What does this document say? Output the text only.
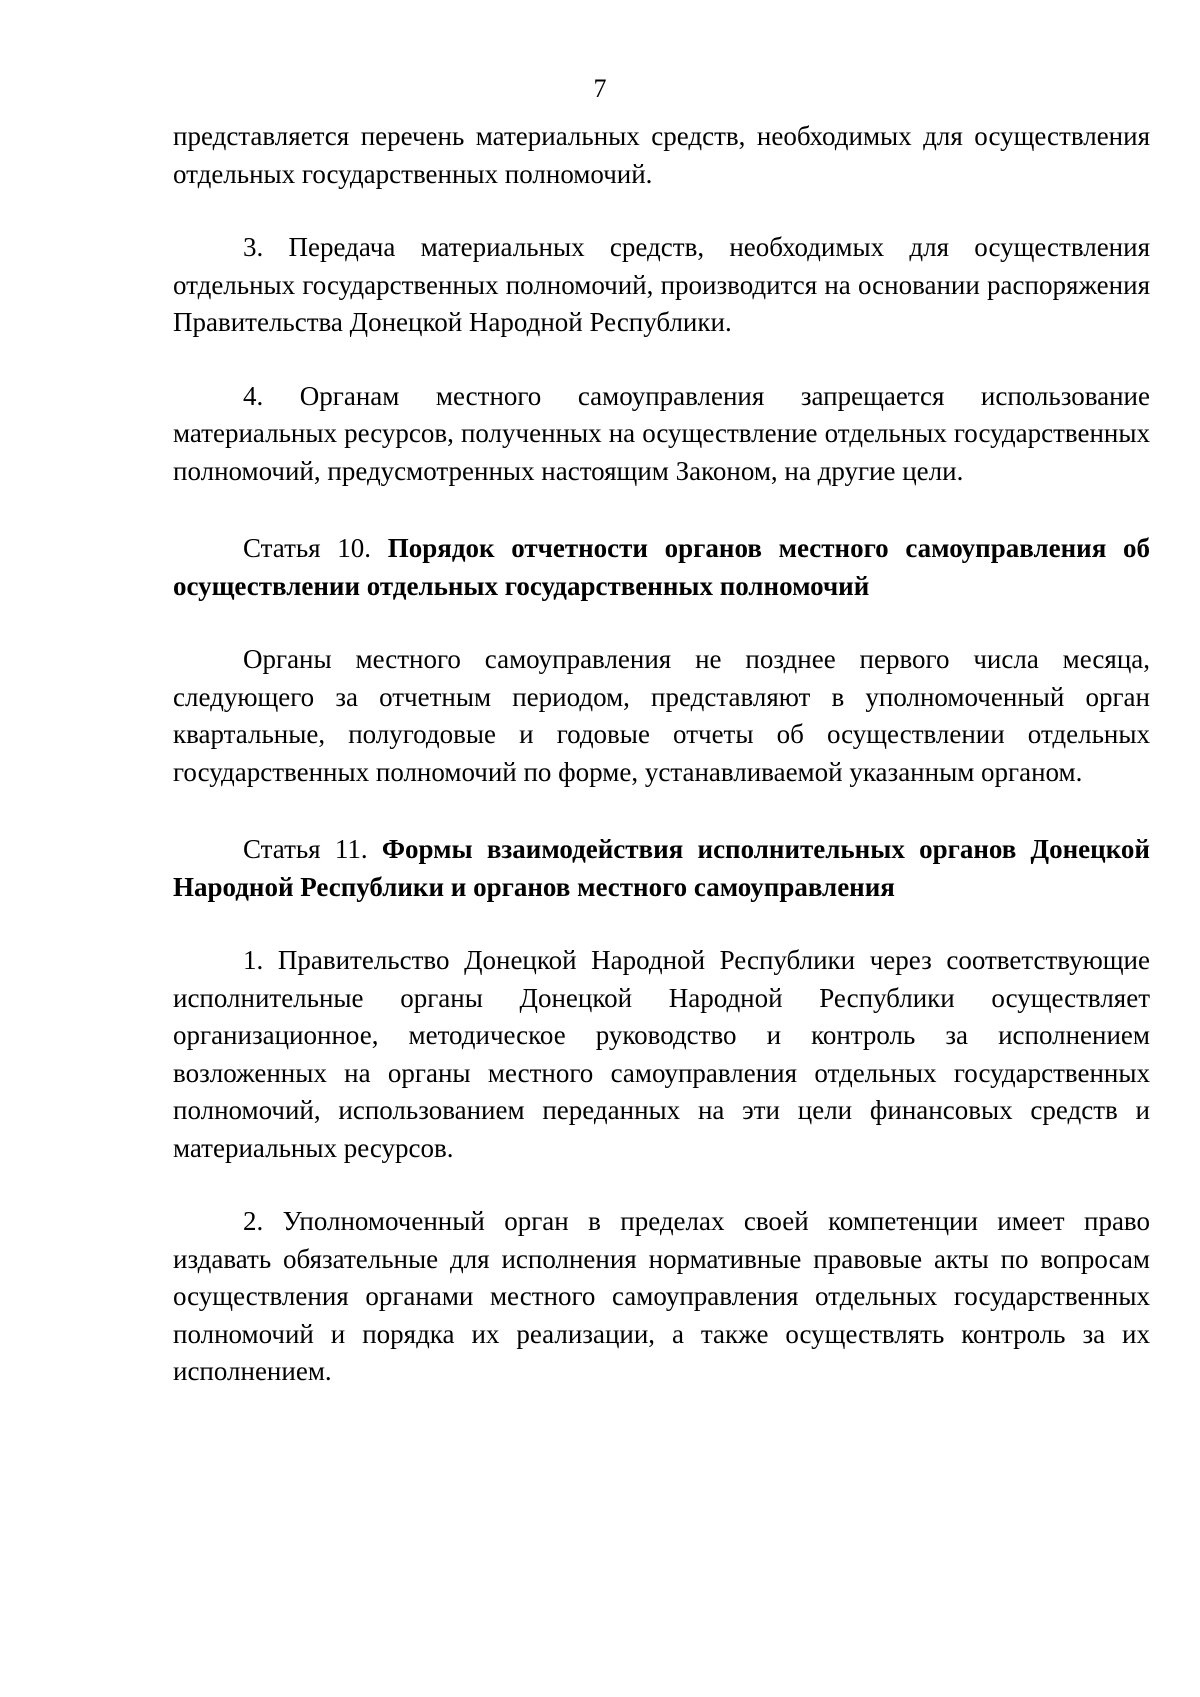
7

представляется перечень материальных средств, необходимых для осуществления отдельных государственных полномочий.

3. Передача материальных средств, необходимых для осуществления отдельных государственных полномочий, производится на основании распоряжения Правительства Донецкой Народной Республики.

4. Органам местного самоуправления запрещается использование материальных ресурсов, полученных на осуществление отдельных государственных полномочий, предусмотренных настоящим Законом, на другие цели.

Статья 10. Порядок отчетности органов местного самоуправления об осуществлении отдельных государственных полномочий

Органы местного самоуправления не позднее первого числа месяца, следующего за отчетным периодом, представляют в уполномоченный орган квартальные, полугодовые и годовые отчеты об осуществлении отдельных государственных полномочий по форме, устанавливаемой указанным органом.

Статья 11. Формы взаимодействия исполнительных органов Донецкой Народной Республики и органов местного самоуправления

1. Правительство Донецкой Народной Республики через соответствующие исполнительные органы Донецкой Народной Республики осуществляет организационное, методическое руководство и контроль за исполнением возложенных на органы местного самоуправления отдельных государственных полномочий, использованием переданных на эти цели финансовых средств и материальных ресурсов.

2. Уполномоченный орган в пределах своей компетенции имеет право издавать обязательные для исполнения нормативные правовые акты по вопросам осуществления органами местного самоуправления отдельных государственных полномочий и порядка их реализации, а также осуществлять контроль за их исполнением.
